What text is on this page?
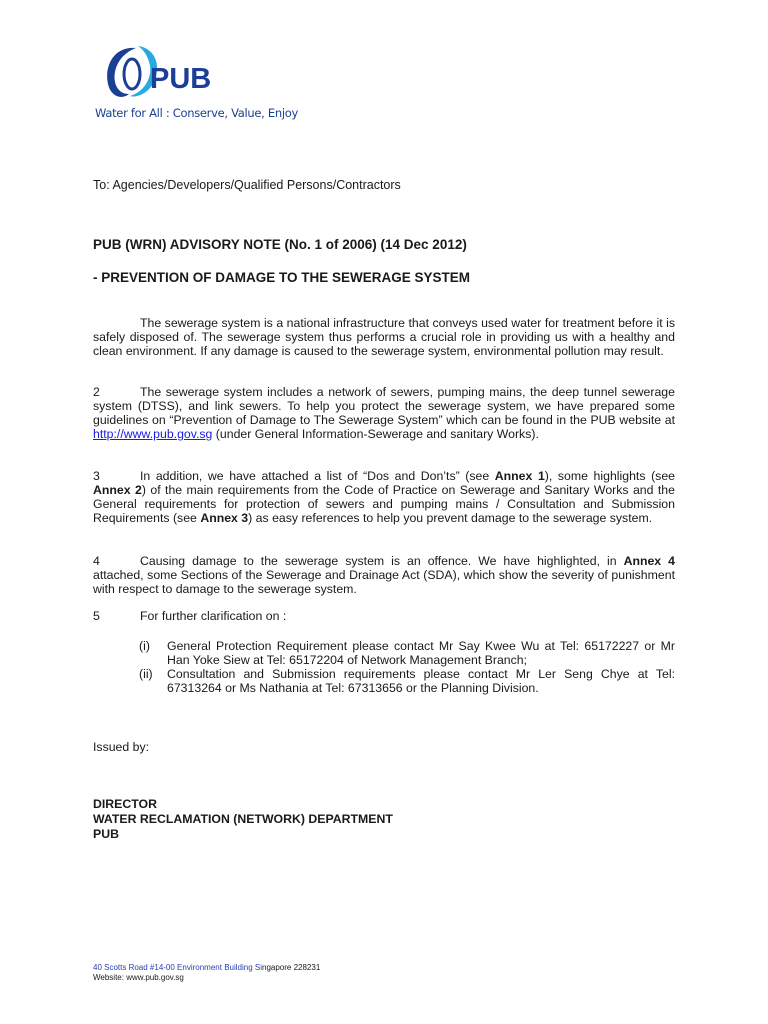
PUB
Water for All : Conserve, Value, Enjoy
To: Agencies/Developers/Qualified Persons/Contractors
PUB (WRN) ADVISORY NOTE (No. 1 of 2006) (14 Dec 2012)
- PREVENTION OF DAMAGE TO THE SEWERAGE SYSTEM
The sewerage system is a national infrastructure that conveys used water for treatment before it is safely disposed of. The sewerage system thus performs a crucial role in providing us with a healthy and clean environment. If any damage is caused to the sewerage system, environmental pollution may result.
2	The sewerage system includes a network of sewers, pumping mains, the deep tunnel sewerage system (DTSS), and link sewers. To help you protect the sewerage system, we have prepared some guidelines on “Prevention of Damage to The Sewerage System” which can be found in the PUB website at http://www.pub.gov.sg (under General Information-Sewerage and sanitary Works).
3	In addition, we have attached a list of “Dos and Don’ts” (see Annex 1), some highlights (see Annex 2) of the main requirements from the Code of Practice on Sewerage and Sanitary Works and the General requirements for protection of sewers and pumping mains / Consultation and Submission Requirements (see Annex 3) as easy references to help you prevent damage to the sewerage system.
4	Causing damage to the sewerage system is an offence. We have highlighted, in Annex 4 attached, some Sections of the Sewerage and Drainage Act (SDA), which show the severity of punishment with respect to damage to the sewerage system.
5	For further clarification on :
(i) General Protection Requirement please contact Mr Say Kwee Wu at Tel: 65172227 or Mr Han Yoke Siew at Tel: 65172204 of Network Management Branch;
(ii) Consultation and Submission requirements please contact Mr Ler Seng Chye at Tel: 67313264 or Ms Nathania at Tel: 67313656 or the Planning Division.
Issued by:
DIRECTOR
WATER RECLAMATION (NETWORK) DEPARTMENT
PUB
40 Scotts Road #14-00 Environment Building Singapore 228231
Website: www.pub.gov.sg
